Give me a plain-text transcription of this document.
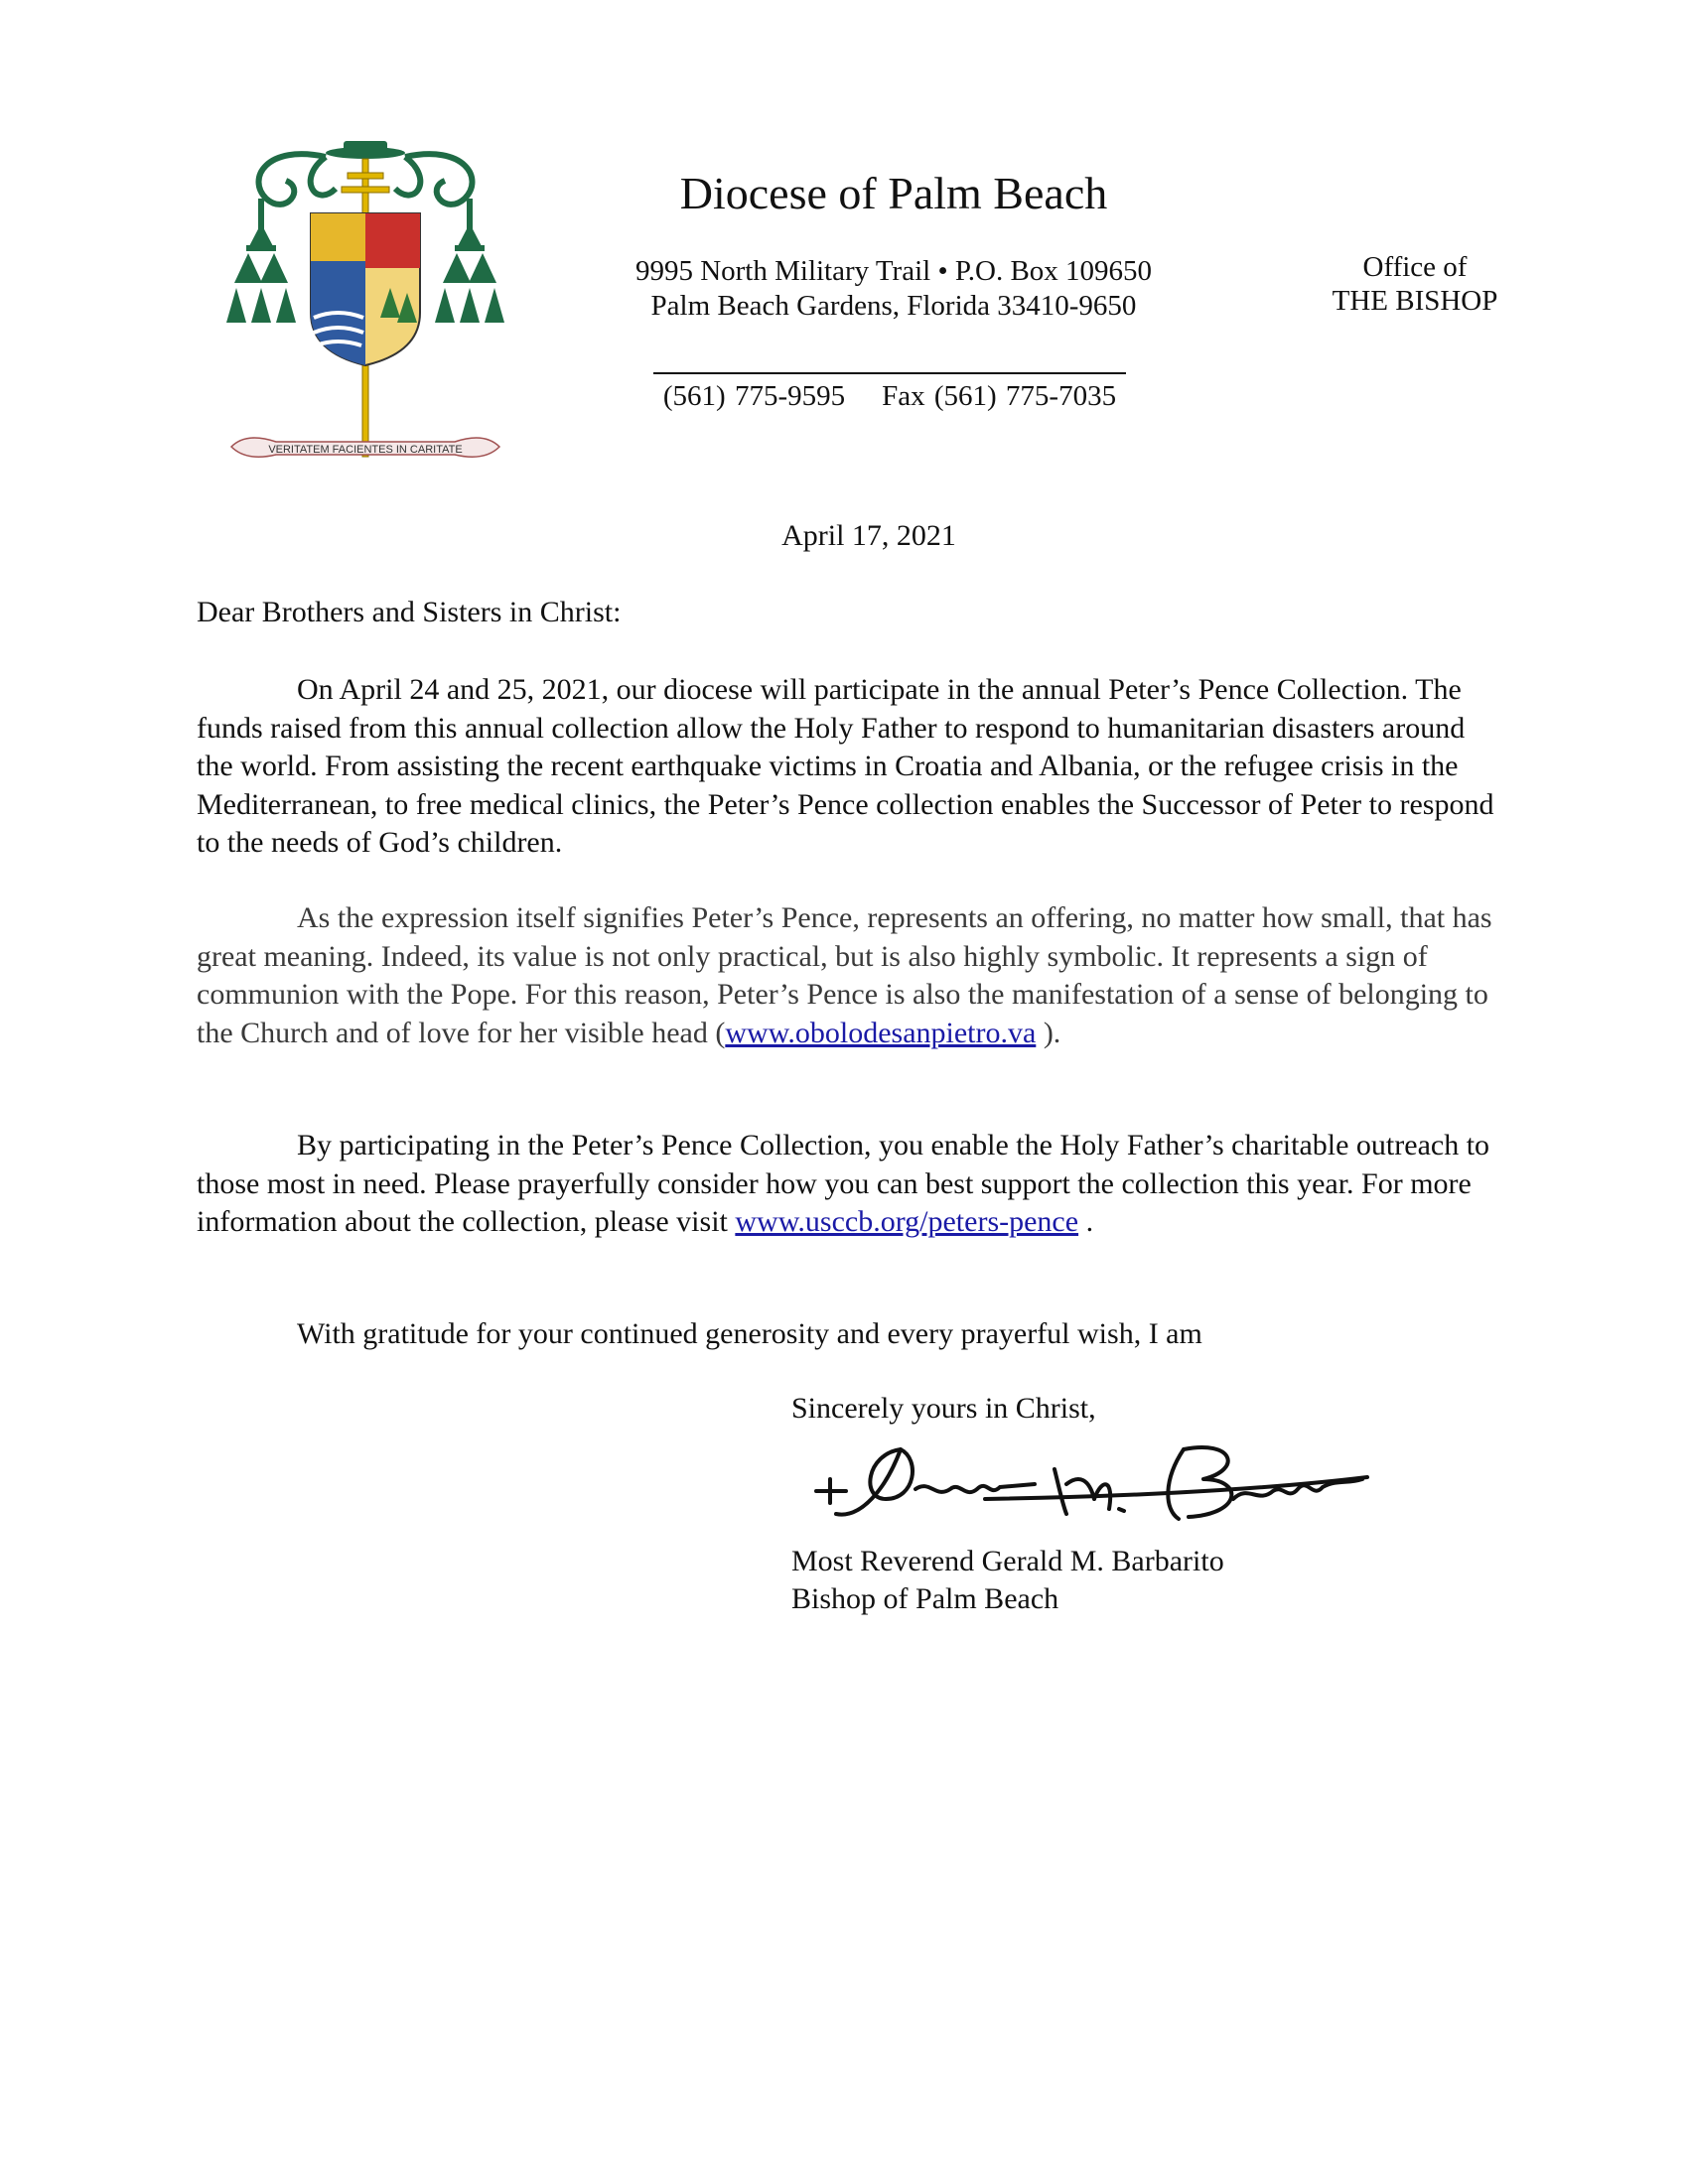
VERITATEM FACIENTES IN CARITATE
Diocese of Palm Beach
9995 North Military Trail • P.O. Box 109650
Palm Beach Gardens, Florida 33410-9650
(561) 775-9595    Fax (561) 775-7035
Office of
THE BISHOP
April 17, 2021
Dear Brothers and Sisters in Christ:

On April 24 and 25, 2021, our diocese will participate in the annual Peter’s Pence Collection. The funds raised from this annual collection allow the Holy Father to respond to humanitarian disasters around the world. From assisting the recent earthquake victims in Croatia and Albania, or the refugee crisis in the Mediterranean, to free medical clinics, the Peter’s Pence collection enables the Successor of Peter to respond to the needs of God’s children.

As the expression itself signifies Peter’s Pence, represents an offering, no matter how small, that has great meaning. Indeed, its value is not only practical, but is also highly symbolic. It represents a sign of communion with the Pope. For this reason, Peter’s Pence is also the manifestation of a sense of belonging to the Church and of love for her visible head (www.obolodesanpietro.va ).

By participating in the Peter’s Pence Collection, you enable the Holy Father’s charitable outreach to those most in need. Please prayerfully consider how you can best support the collection this year. For more information about the collection, please visit www.usccb.org/peters-pence .

With gratitude for your continued generosity and every prayerful wish, I am

Sincerely yours in Christ,
Most Reverend Gerald M. Barbarito
Bishop of Palm Beach
